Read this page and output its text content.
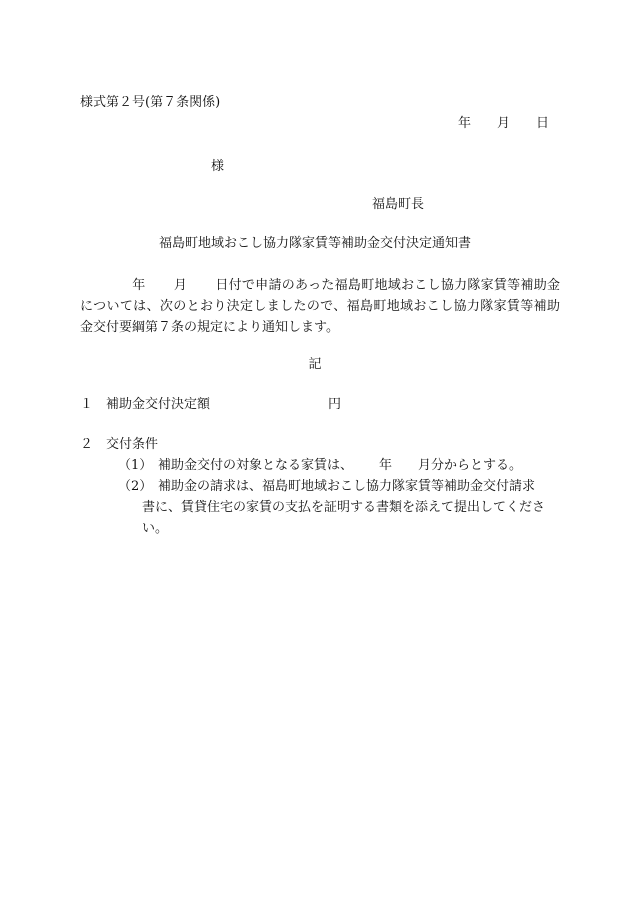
様式第２号(第７条関係)
年 月 日
様
福島町長
福島町地域おこし協力隊家賃等補助金交付決定通知書
年 月 日付で申請のあった福島町地域おこし協力隊家賃等補助金については、次のとおり決定しましたので、福島町地域おこし協力隊家賃等補助金交付要綱第７条の規定により通知します。
記
１ 補助金交付決定額	円
２ 交付条件
（1） 補助金交付の対象となる家賃は、 年 月分からとする。
（2） 補助金の請求は、福島町地域おこし協力隊家賃等補助金交付請求
書に、賃貸住宅の家賃の支払を証明する書類を添えて提出してください。
